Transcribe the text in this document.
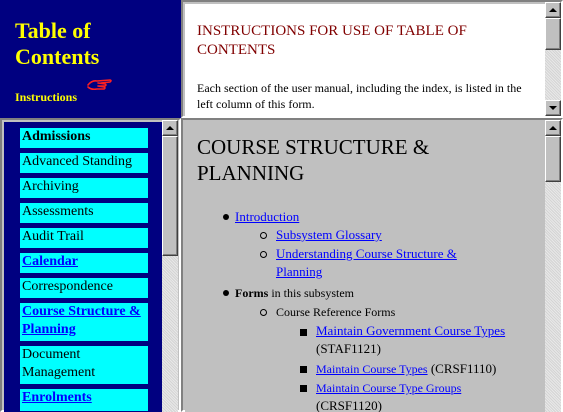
Table of
Contents
Instructions
INSTRUCTIONS FOR USE OF TABLE OF CONTENTS

Each section of the user manual, including the index, is listed in the left column of this form.

Admissions
Advanced Standing
Archiving
Assessments
Audit Trail
Calendar
Correspondence
Course Structure & Planning
Document Management
Enrolments
COURSE STRUCTURE & PLANNING
Introduction
Subsystem Glossary
Understanding Course Structure & Planning
Forms in this subsystem
Course Reference Forms
Maintain Government Course Types (STAF1121)
Maintain Course Types (CRSF1110)
Maintain Course Type Groups
(CRSF1120)
